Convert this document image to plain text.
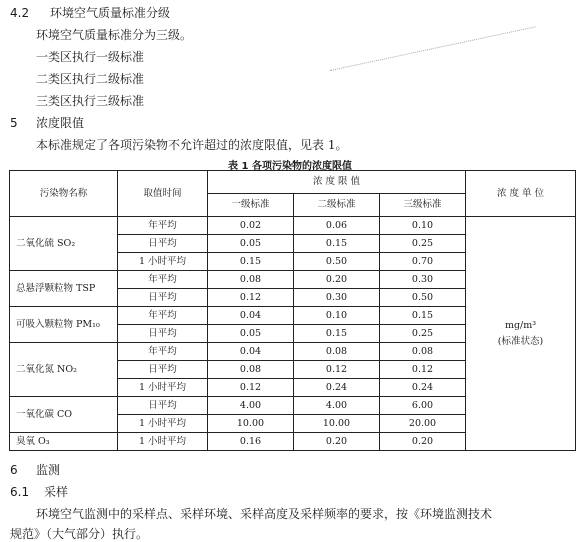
4.2 环境空气质量标准分级
环境空气质量标准分为三级。
一类区执行一级标准
二类区执行二级标准
三类区执行三级标准
5 浓度限值
本标准规定了各项污染物不允许超过的浓度限值，见表 1。
表 1 各项污染物的浓度限值
污染物名称	取值时间	浓 度 限 值			浓 度 单 位
		一级标准	二级标准	三级标准	
二氧化硫 SO₂	年平均	0.02	0.06	0.10	mg/m³
(标准状态)

	日平均	0.05	0.15	0.25	
	1 小时平均	0.15	0.50	0.70	
总悬浮颗粒物 TSP	年平均	0.08	0.20	0.30	
	日平均	0.12	0.30	0.50	
可吸入颗粒物 PM₁₀	年平均	0.04	0.10	0.15	
	日平均	0.05	0.15	0.25	
二氧化氮 NO₂	年平均	0.04	0.08	0.08	
	日平均	0.08	0.12	0.12	
	1 小时平均	0.12	0.24	0.24	
一氧化碳 CO	日平均	4.00	4.00	6.00	
	1 小时平均	10.00	10.00	20.00	
臭氧 O₃	1 小时平均	0.16	0.20	0.20	
6 监测
6.1 采样
环境空气监测中的采样点、采样环境、采样高度及采样频率的要求，按《环境监测技术
规范》（大气部分）执行。
